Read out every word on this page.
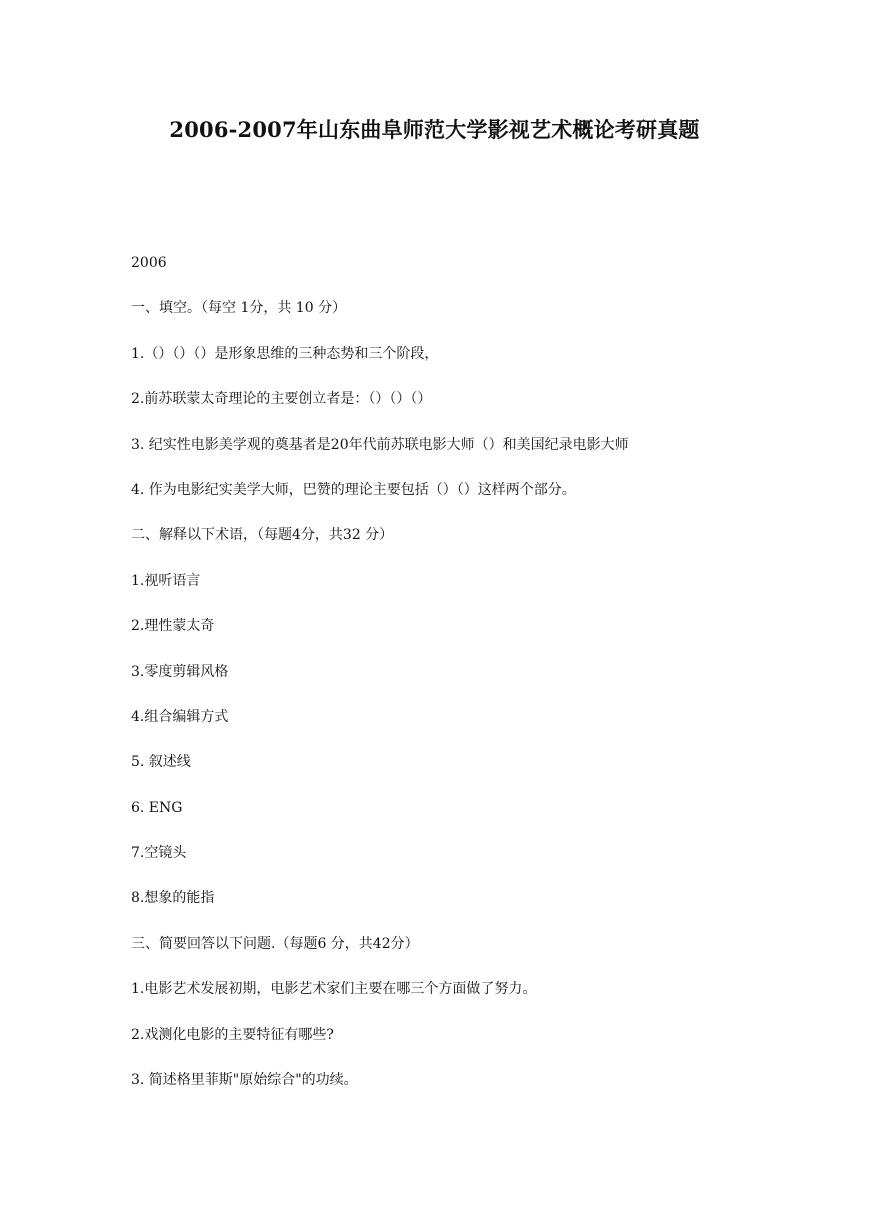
2006-2007年山东曲阜师范大学影视艺术概论考研真题
2006
一、填空。（每空 1分，共 10 分）
1.（）（）（）是形象思维的三种态势和三个阶段，
2.前苏联蒙太奇理论的主要创立者是：（）（）（）
3. 纪实性电影美学观的奠基者是20年代前苏联电影大师（）和美国纪录电影大师
4. 作为电影纪实美学大师，巴赞的理论主要包括（）（）这样两个部分。
二、解释以下术语，（每题4分，共32 分）
1.视听语言
2.理性蒙太奇
3.零度剪辑风格
4.组合编辑方式
5. 叙述线
6. ENG
7.空镜头
8.想象的能指
三、简要回答以下问题.（每题6 分，共42分）
1.电影艺术发展初期，电影艺术家们主要在哪三个方面做了努力。
2.戏测化电影的主要特征有哪些?
3. 简述格里菲斯"原始综合"的功续。
